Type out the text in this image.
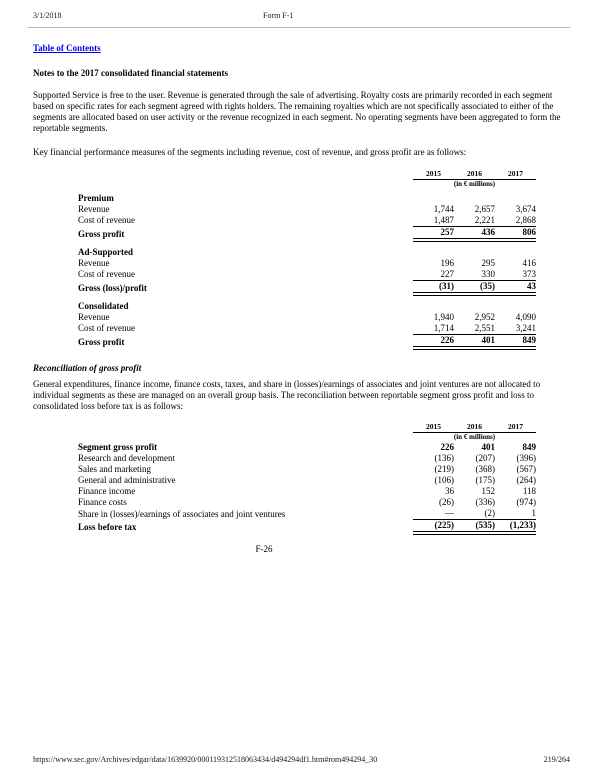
3/1/2018	Form F-1
Table of Contents
Notes to the 2017 consolidated financial statements

Supported Service is free to the user. Revenue is generated through the sale of advertising. Royalty costs are primarily recorded in each segment based on specific rates for each segment agreed with rights holders. The remaining royalties which are not specifically associated to either of the segments are allocated based on user activity or the revenue recognized in each segment. No operating segments have been aggregated to form the reportable segments.

Key financial performance measures of the segments including revenue, cost of revenue, and gross profit are as follows:

	2015	2016	2017
	(in € millions)		

Premium			
Revenue	1,744	2,657	3,674
Cost of revenue	1,487	2,221	2,868
Gross profit	257	436	806

Ad-Supported			
Revenue	196	295	416
Cost of revenue	227	330	373
Gross (loss)/profit	(31)	(35)	43

Consolidated			
Revenue	1,940	2,952	4,090
Cost of revenue	1,714	2,551	3,241
Gross profit	226	401	849
Reconciliation of gross profit

General expenditures, finance income, finance costs, taxes, and share in (losses)/earnings of associates and joint ventures are not allocated to individual segments as these are managed on an overall group basis. The reconciliation between reportable segment gross profit and loss to consolidated loss before tax is as follows:

	2015	2016	2017
	(in € millions)		
Segment gross profit	226	401	849
Research and development	(136)	(207)	(396)
Sales and marketing	(219)	(368)	(567)
General and administrative	(106)	(175)	(264)
Finance income	36	152	118
Finance costs	(26)	(336)	(974)
Share in (losses)/earnings of associates and joint ventures	—	(2)	1
Loss before tax	(225)	(535)	(1,233)
F-26
https://www.sec.gov/Archives/edgar/data/1639920/000119312518063434/d494294df1.htm#rom494294_30	219/264
